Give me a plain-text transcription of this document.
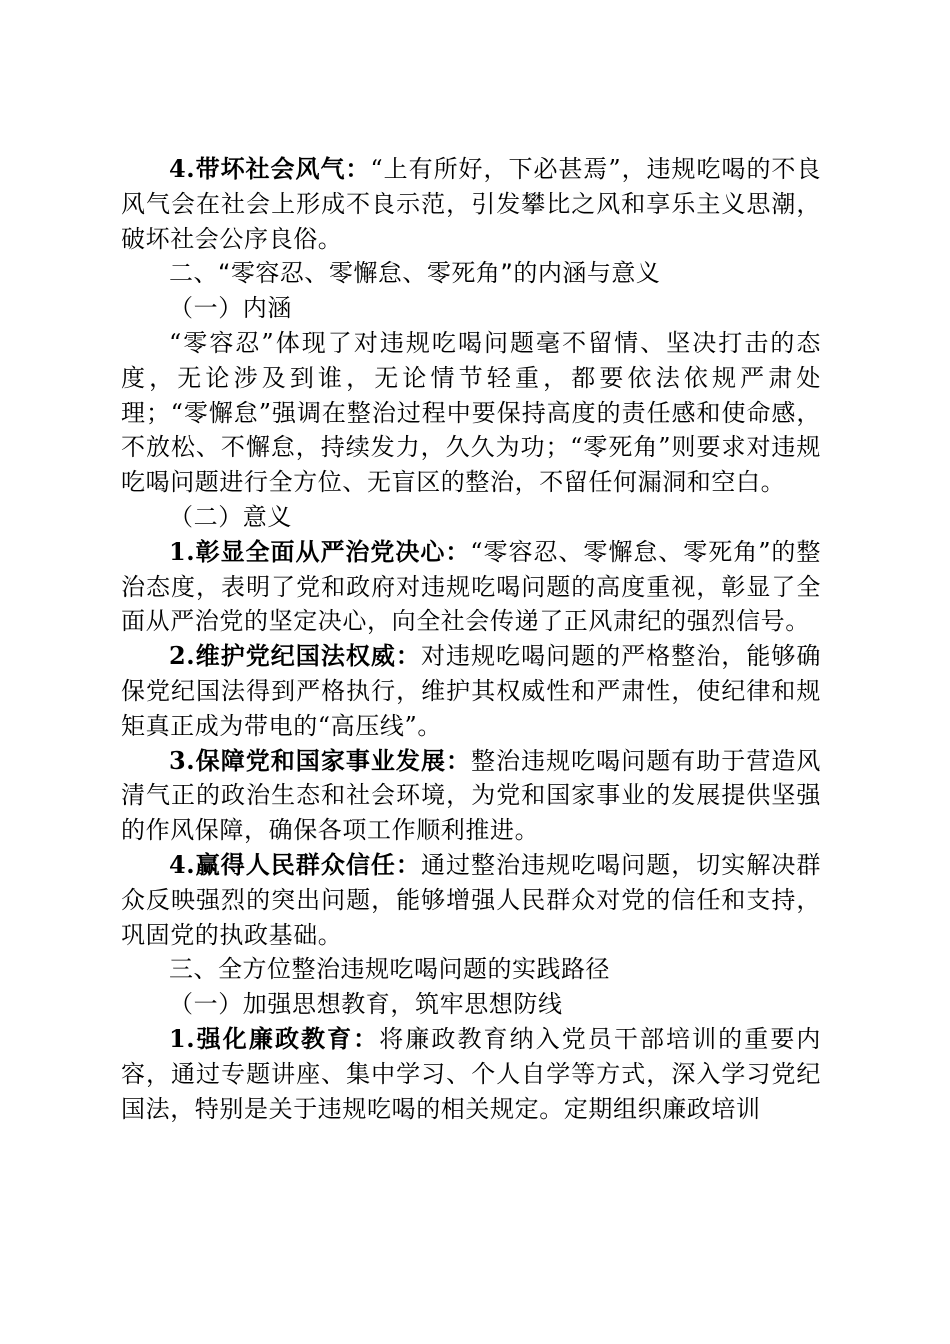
4.带坏社会风气：“上有所好，下必甚焉”，违规吃喝的不良风气会在社会上形成不良示范，引发攀比之风和享乐主义思潮，破坏社会公序良俗。

二、“零容忍、零懈怠、零死角”的内涵与意义

（一）内涵

“零容忍”体现了对违规吃喝问题毫不留情、坚决打击的态度，无论涉及到谁，无论情节轻重，都要依法依规严肃处理；“零懈怠”强调在整治过程中要保持高度的责任感和使命感，不放松、不懈怠，持续发力，久久为功；“零死角”则要求对违规吃喝问题进行全方位、无盲区的整治，不留任何漏洞和空白。

（二）意义

1.彰显全面从严治党决心：“零容忍、零懈怠、零死角”的整治态度，表明了党和政府对违规吃喝问题的高度重视，彰显了全面从严治党的坚定决心，向全社会传递了正风肃纪的强烈信号。

2.维护党纪国法权威：对违规吃喝问题的严格整治，能够确保党纪国法得到严格执行，维护其权威性和严肃性，使纪律和规矩真正成为带电的“高压线”。

3.保障党和国家事业发展：整治违规吃喝问题有助于营造风清气正的政治生态和社会环境，为党和国家事业的发展提供坚强的作风保障，确保各项工作顺利推进。

4.赢得人民群众信任：通过整治违规吃喝问题，切实解决群众反映强烈的突出问题，能够增强人民群众对党的信任和支持，巩固党的执政基础。

三、全方位整治违规吃喝问题的实践路径

（一）加强思想教育，筑牢思想防线

1.强化廉政教育：将廉政教育纳入党员干部培训的重要内容，通过专题讲座、集中学习、个人自学等方式，深入学习党纪国法，特别是关于违规吃喝的相关规定。定期组织廉政培训
